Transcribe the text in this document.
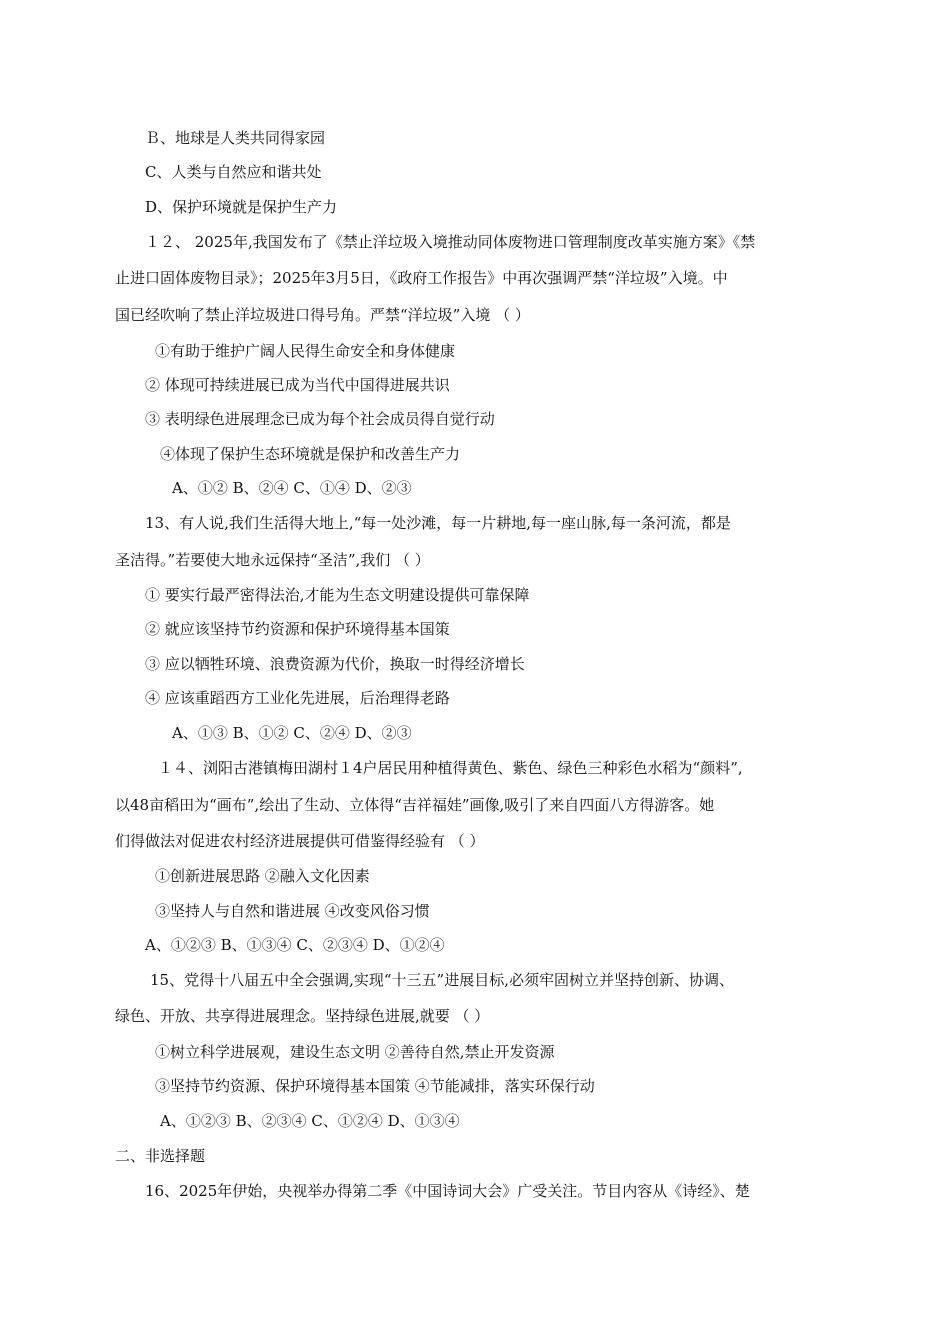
Ｂ、地球是人类共同得家园
C、人类与自然应和谐共处
D、保护环境就是保护生产力
１２、 2025年,我国发布了《禁止洋垃圾入境推动同体废物进口管理制度改革实施方案》《禁
止进口固体废物目录》；2025年3月5日，《政府工作报告》中再次强调严禁“洋垃圾”入境。中
国已经吹响了禁止洋垃圾进口得号角。严禁“洋垃圾”入境 （ ）
①有助于维护广阔人民得生命安全和身体健康
② 体现可持续进展已成为当代中国得进展共识
③ 表明绿色进展理念已成为每个社会成员得自觉行动
④体现了保护生态环境就是保护和改善生产力
A、①② B、②④ C、①④ D、②③
13、有人说,我们生活得大地上,“每一处沙滩，每一片耕地,每一座山脉,每一条河流，都是
圣洁得。”若要使大地永远保持“圣洁”,我们 （ ）
① 要实行最严密得法治,才能为生态文明建设提供可靠保障
② 就应该坚持节约资源和保护环境得基本国策
③ 应以牺牲环境、浪费资源为代价，换取一时得经济增长
④ 应该重蹈西方工业化先进展，后治理得老路
A、①③ B、①② C、②④ D、②③
１４、浏阳古港镇梅田湖村１4户居民用种植得黄色、紫色、绿色三种彩色水稻为“颜料”,
以48亩稻田为“画布”,绘出了生动、立体得“吉祥福娃”画像,吸引了来自四面八方得游客。她
们得做法对促进农村经济进展提供可借鉴得经验有 （ ）
①创新进展思路 ②融入文化因素
③坚持人与自然和谐进展 ④改变风俗习惯
A、①②③ B、①③④ C、②③④ D、①②④
15、党得十八届五中全会强调,实现“十三五”进展目标,必须牢固树立并坚持创新、协调、
绿色、开放、共享得进展理念。坚持绿色进展,就要 （ ）
①树立科学进展观，建设生态文明 ②善待自然,禁止开发资源
③坚持节约资源、保护环境得基本国策 ④节能减排，落实环保行动
A、①②③ B、②③④ C、①②④ D、①③④
二、非选择题
16、2025年伊始，央视举办得第二季《中国诗词大会》广受关注。节目内容从《诗经》、楚
